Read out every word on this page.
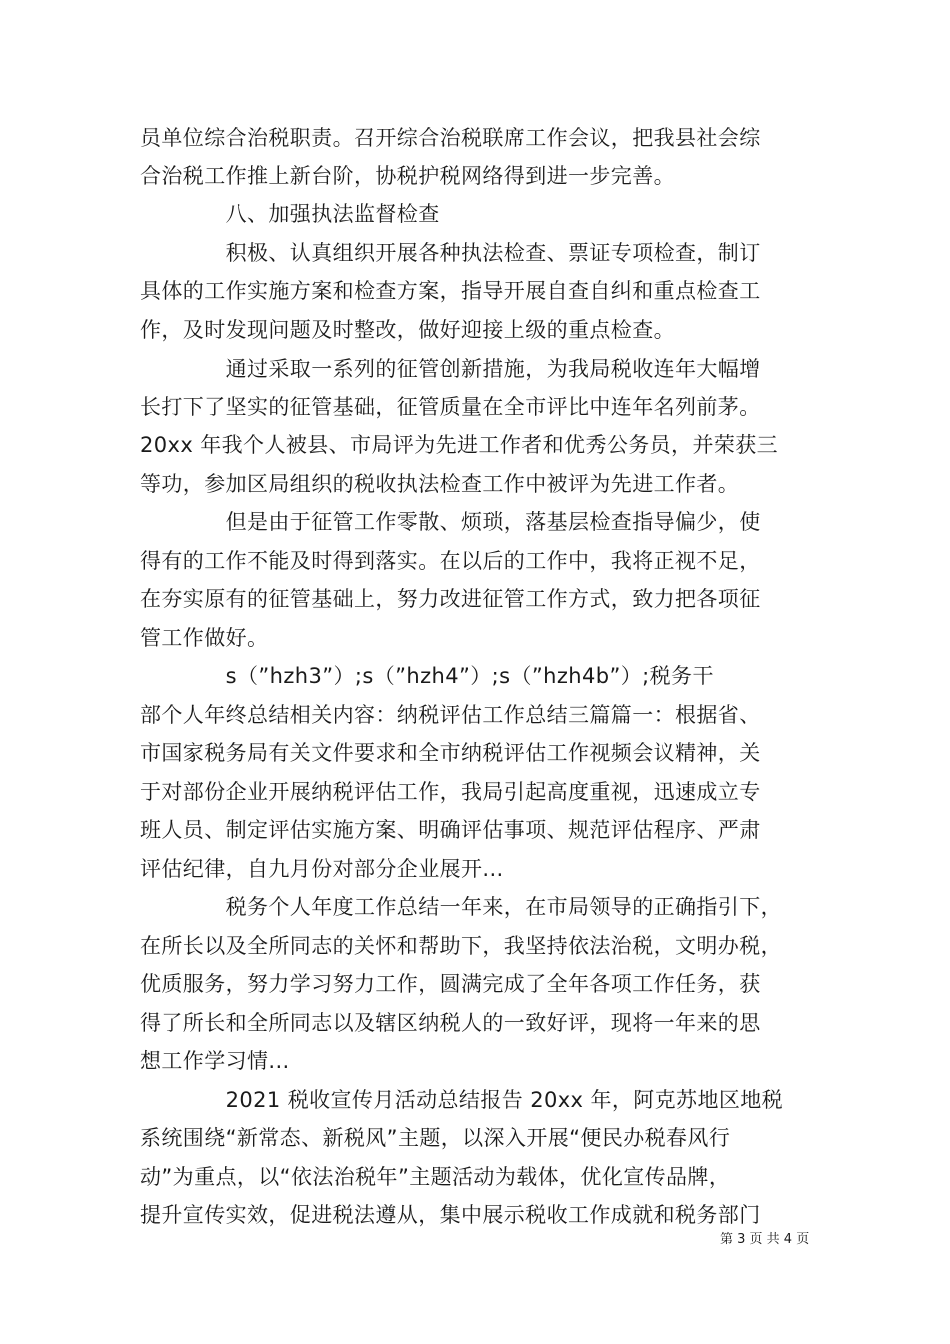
员单位综合治税职责。召开综合治税联席工作会议，把我县社会综
合治税工作推上新台阶，协税护税网络得到进一步完善。
　　　　八、加强执法监督检查
　　　　积极、认真组织开展各种执法检查、票证专项检查，制订
具体的工作实施方案和检查方案，指导开展自查自纠和重点检查工
作，及时发现问题及时整改，做好迎接上级的重点检查。
　　　　通过采取一系列的征管创新措施，为我局税收连年大幅增
长打下了坚实的征管基础，征管质量在全市评比中连年名列前茅。
20xx 年我个人被县、市局评为先进工作者和优秀公务员，并荣获三
等功，参加区局组织的税收执法检查工作中被评为先进工作者。
　　　　但是由于征管工作零散、烦琐，落基层检查指导偏少，使
得有的工作不能及时得到落实。在以后的工作中，我将正视不足，
在夯实原有的征管基础上，努力改进征管工作方式，致力把各项征
管工作做好。
　　　　s（”hzh3”）;s（”hzh4”）;s（”hzh4b”）;税务干
部个人年终总结相关内容：纳税评估工作总结三篇篇一：根据省、
市国家税务局有关文件要求和全市纳税评估工作视频会议精神，关
于对部份企业开展纳税评估工作，我局引起高度重视，迅速成立专
班人员、制定评估实施方案、明确评估事项、规范评估程序、严肃
评估纪律，自九月份对部分企业展开...
　　　　税务个人年度工作总结一年来，在市局领导的正确指引下，
在所长以及全所同志的关怀和帮助下，我坚持依法治税，文明办税，
优质服务，努力学习努力工作，圆满完成了全年各项工作任务，获
得了所长和全所同志以及辖区纳税人的一致好评，现将一年来的思
想工作学习情...
　　　　2021 税收宣传月活动总结报告 20xx 年，阿克苏地区地税
系统围绕“新常态、新税风”主题，以深入开展“便民办税春风行
动”为重点，以“依法治税年”主题活动为载体，优化宣传品牌，
提升宣传实效，促进税法遵从，集中展示税收工作成就和税务部门
第 3 页 共 4 页
